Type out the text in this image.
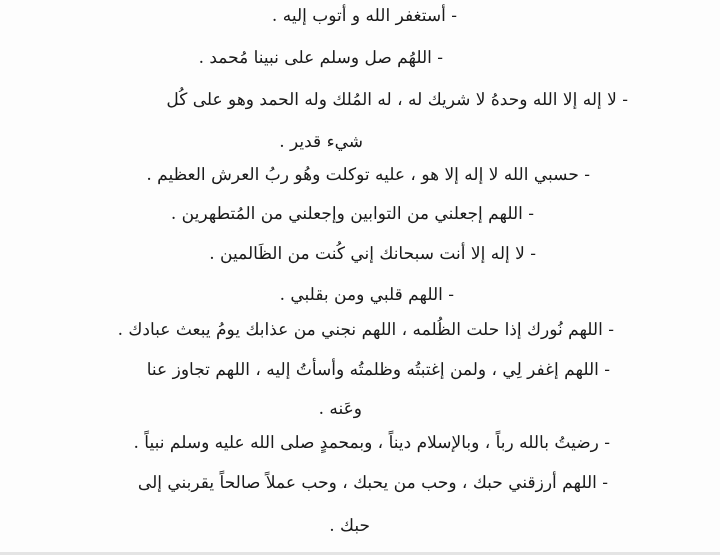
- أستغفر الله و أتوب إليه .
- اللهُم صل وسلم على نبينا مُحمد .
- لا إله إلا الله وحدهُ لا شريك له ، له المُلك وله الحمد وهو على كُل
شيء قدير .
- حسبي الله لا إله إلا هو ، عليه توكلت وهُو ربُ العرش العظيم .
- اللهم إجعلني من التوابين وإجعلني من المُتطهرين .
- لا إله إلا أنت سبحانك إني كُنت من الظَالمين .
- اللهم قلبي ومن بقلبي .
- اللهم نُورك إذا حلت الظُلمه ، اللهم نجني من عذابك يومُ يبعث عبادك .
- اللهم إغفر لِي ، ولمن إغتبتُه وظلمتُه وأسأتُ إليه ، اللهم تجاوز عنا
وعَنه .
- رضيتُ بالله رباً ، وبالإسلام ديناً ، وبمحمدٍ صلى الله عليه وسلم نبياً .
- اللهم أرزقني حبك ، وحب من يحبك ، وحب عملاً صالحاً يقربني إلى
حبك .
